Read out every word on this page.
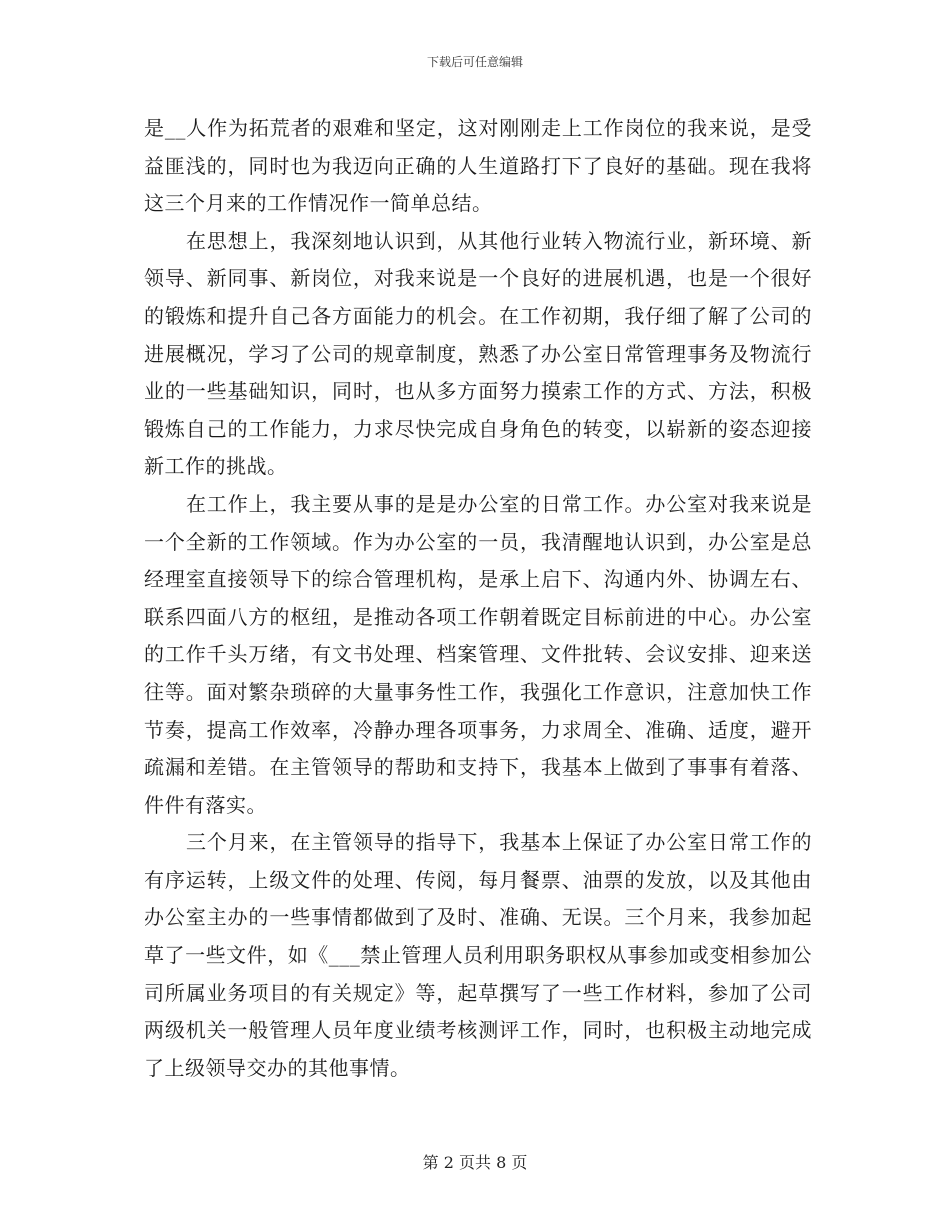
下载后可任意编辑

是__人作为拓荒者的艰难和坚定，这对刚刚走上工作岗位的我来说，是受益匪浅的，同时也为我迈向正确的人生道路打下了良好的基础。现在我将这三个月来的工作情况作一简单总结。

在思想上，我深刻地认识到，从其他行业转入物流行业，新环境、新领导、新同事、新岗位，对我来说是一个良好的进展机遇，也是一个很好的锻炼和提升自己各方面能力的机会。在工作初期，我仔细了解了公司的进展概况，学习了公司的规章制度，熟悉了办公室日常管理事务及物流行业的一些基础知识，同时，也从多方面努力摸索工作的方式、方法，积极锻炼自己的工作能力，力求尽快完成自身角色的转变，以崭新的姿态迎接新工作的挑战。

在工作上，我主要从事的是是办公室的日常工作。办公室对我来说是一个全新的工作领域。作为办公室的一员，我清醒地认识到，办公室是总经理室直接领导下的综合管理机构，是承上启下、沟通内外、协调左右、联系四面八方的枢纽，是推动各项工作朝着既定目标前进的中心。办公室的工作千头万绪，有文书处理、档案管理、文件批转、会议安排、迎来送往等。面对繁杂琐碎的大量事务性工作，我强化工作意识，注意加快工作节奏，提高工作效率，冷静办理各项事务，力求周全、准确、适度，避开疏漏和差错。在主管领导的帮助和支持下，我基本上做到了事事有着落、件件有落实。

三个月来，在主管领导的指导下，我基本上保证了办公室日常工作的有序运转，上级文件的处理、传阅，每月餐票、油票的发放，以及其他由办公室主办的一些事情都做到了及时、准确、无误。三个月来，我参加起草了一些文件，如《___禁止管理人员利用职务职权从事参加或变相参加公司所属业务项目的有关规定》等，起草撰写了一些工作材料，参加了公司两级机关一般管理人员年度业绩考核测评工作，同时，也积极主动地完成了上级领导交办的其他事情。

第 2 页共 8 页
